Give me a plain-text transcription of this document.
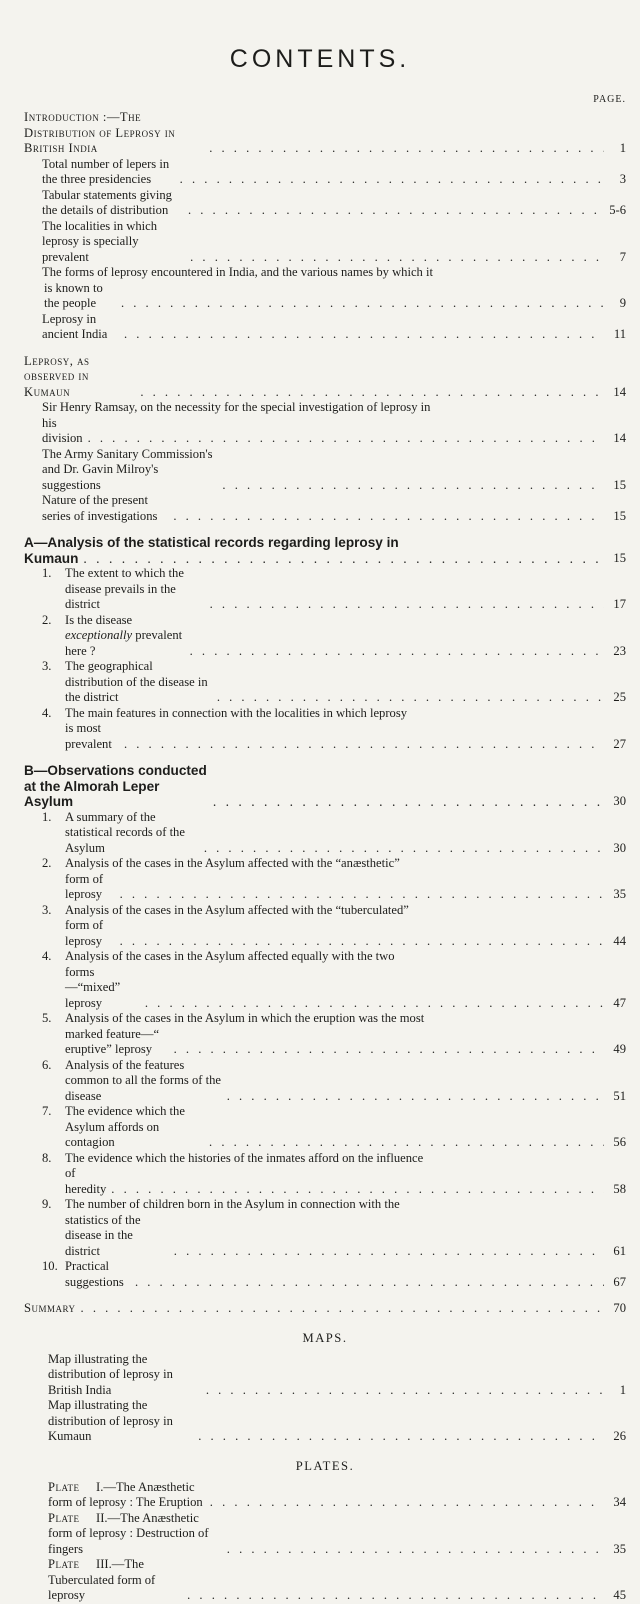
CONTENTS.
PAGE.
Introduction :—The Distribution of Leprosy in British India . . .	1
Total number of lepers in the three presidencies . . .	3
Tabular statements giving the details of distribution . . .	5-6
The localities in which leprosy is specially prevalent . . .	7
The forms of leprosy encountered in India, and the various names by which it
is known to the people . . .	9
Leprosy in ancient India . . .	11
Leprosy, as observed in Kumaun . . .	14
Sir Henry Ramsay, on the necessity for the special investigation of leprosy in
his division . . .	14
The Army Sanitary Commission's and Dr. Gavin Milroy's suggestions . . .	15
Nature of the present series of investigations . . .	15
A—Analysis of the statistical records regarding leprosy in
Kumaun . . .	15
1. The extent to which the disease prevails in the district . . .	17
2. Is the disease exceptionally prevalent here ? . . .	23
3. The geographical distribution of the disease in the district . . .	25
4. The main features in connection with the localities in which leprosy
is most prevalent . . .	27
B—Observations conducted at the Almorah Leper Asylum . . .	30
1. A summary of the statistical records of the Asylum . . .	30
2. Analysis of the cases in the Asylum affected with the “anæsthetic”
form of leprosy . . .	35
3. Analysis of the cases in the Asylum affected with the “tuberculated”
form of leprosy . . .	44
4. Analysis of the cases in the Asylum affected equally with the two
forms—“mixed” leprosy . . .	47
5. Analysis of the cases in the Asylum in which the eruption was the most
marked feature—“ eruptive” leprosy . . .	49
6. Analysis of the features common to all the forms of the disease . . .	51
7. The evidence which the Asylum affords on contagion . . .	56
8. The evidence which the histories of the inmates afford on the influence
of heredity . . .	58
9. The number of children born in the Asylum in connection with the
statistics of the disease in the district . . .	61
10. Practical suggestions . . .	67
Summary . . .	70
MAPS.
Map illustrating the distribution of leprosy in British India . . .	1
Map illustrating the distribution of leprosy in Kumaun . . .	26
PLATES.
Plate I.—The Anæsthetic form of leprosy : The Eruption . . .	34
Plate II.—The Anæsthetic form of leprosy : Destruction of fingers . . .	35
Plate III.—The Tuberculated form of leprosy . . .	45
